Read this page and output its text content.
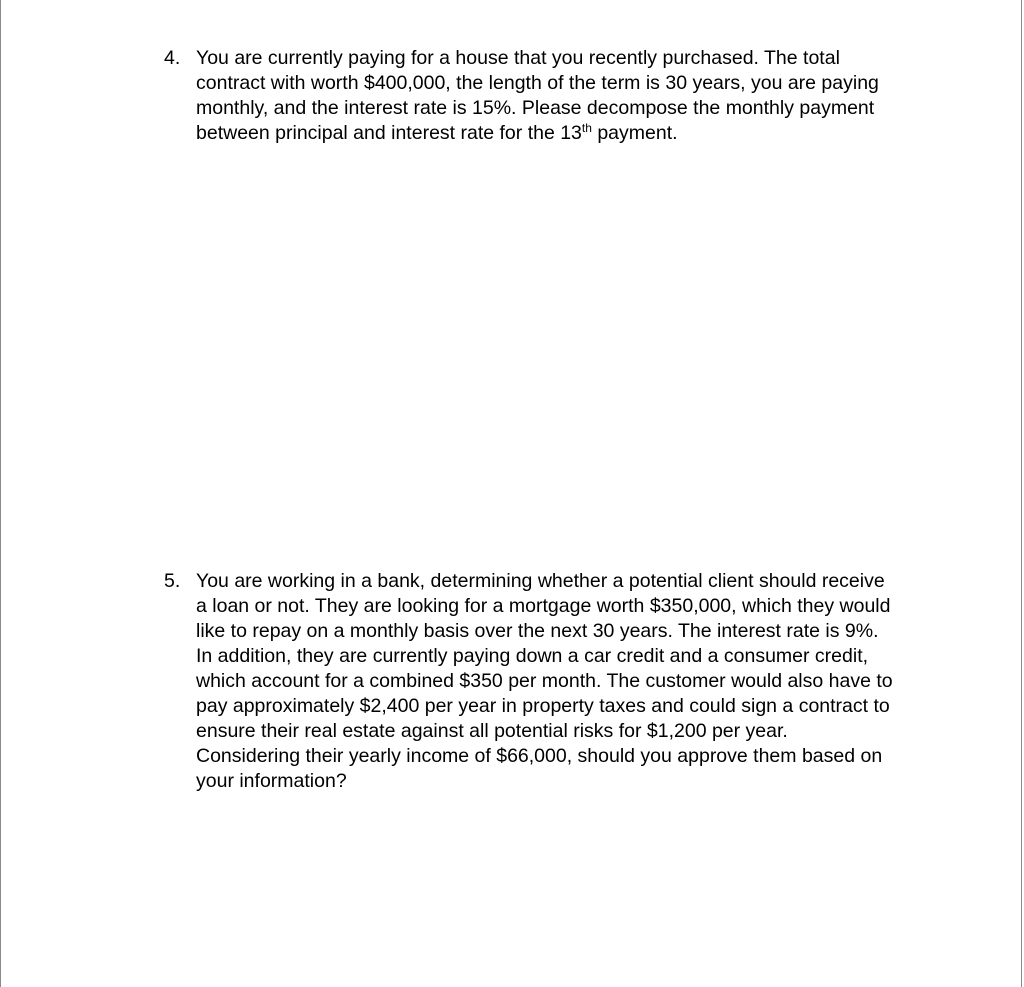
4. You are currently paying for a house that you recently purchased. The total
contract with worth $400,000, the length of the term is 30 years, you are paying
monthly, and the interest rate is 15%. Please decompose the monthly payment
between principal and interest rate for the 13th payment.
5. You are working in a bank, determining whether a potential client should receive
a loan or not. They are looking for a mortgage worth $350,000, which they would
like to repay on a monthly basis over the next 30 years. The interest rate is 9%.
In addition, they are currently paying down a car credit and a consumer credit,
which account for a combined $350 per month. The customer would also have to
pay approximately $2,400 per year in property taxes and could sign a contract to
ensure their real estate against all potential risks for $1,200 per year.
Considering their yearly income of $66,000, should you approve them based on
your information?
